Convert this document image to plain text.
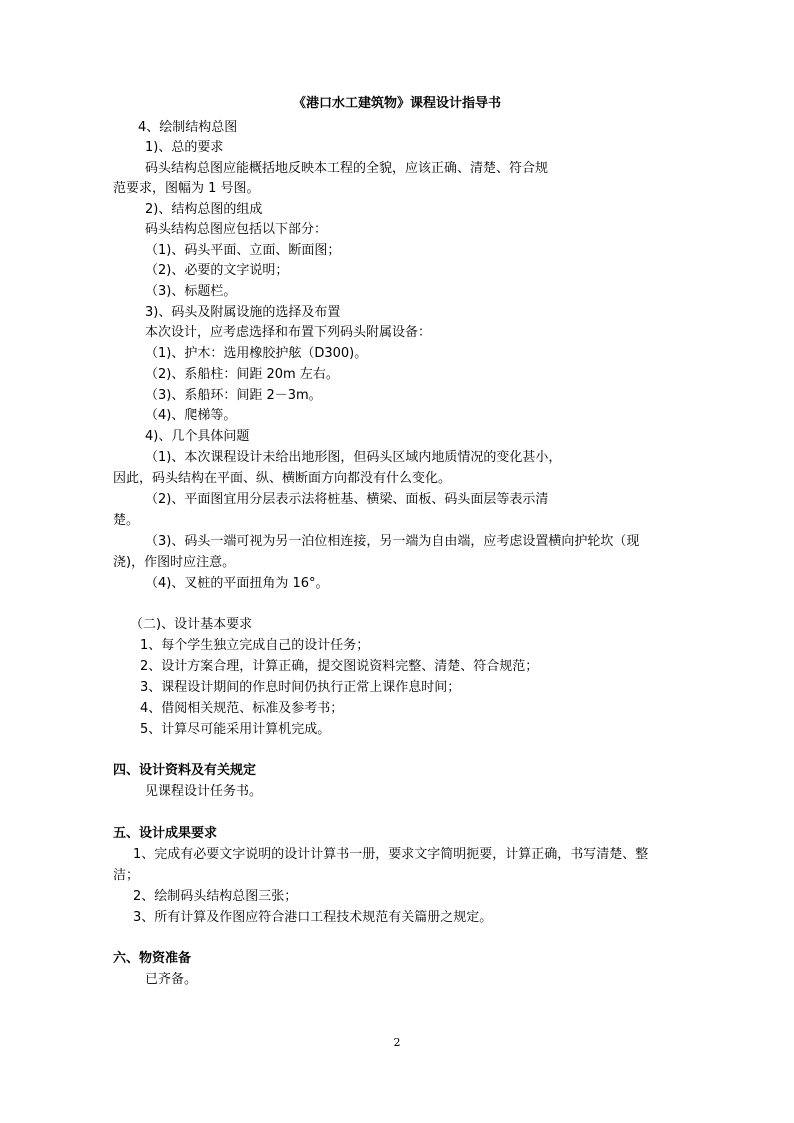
《港口水工建筑物》课程设计指导书
4、绘制结构总图
1)、总的要求
码头结构总图应能概括地反映本工程的全貌，应该正确、清楚、符合规
范要求，图幅为 1 号图。
2)、结构总图的组成
码头结构总图应包括以下部分：
（1)、码头平面、立面、断面图；
（2)、必要的文字说明；
（3)、标题栏。
3)、码头及附属设施的选择及布置
本次设计，应考虑选择和布置下列码头附属设备：
（1)、护木：选用橡胶护舷（D300)。
（2)、系船柱：间距 20m 左右。
（3)、系船环：间距 2－3m。
（4)、爬梯等。
4)、几个具体问题
（1)、本次课程设计未给出地形图，但码头区域内地质情况的变化甚小，
因此，码头结构在平面、纵、横断面方向都没有什么变化。
（2)、平面图宜用分层表示法将桩基、横梁、面板、码头面层等表示清
楚。
（3)、码头一端可视为另一泊位相连接，另一端为自由端，应考虑设置横向护轮坎（现
浇)，作图时应注意。
（4)、叉桩的平面扭角为 16°。
（二)、设计基本要求
1、每个学生独立完成自己的设计任务；
2、设计方案合理，计算正确，提交图说资料完整、清楚、符合规范；
3、课程设计期间的作息时间仍执行正常上课作息时间；
4、借阅相关规范、标准及参考书；
5、计算尽可能采用计算机完成。
四、设计资料及有关规定
见课程设计任务书。
五、设计成果要求
1、完成有必要文字说明的设计计算书一册，要求文字简明扼要，计算正确，书写清楚、整
洁；
2、绘制码头结构总图三张；
3、所有计算及作图应符合港口工程技术规范有关篇册之规定。
六、物资准备
已齐备。
2
